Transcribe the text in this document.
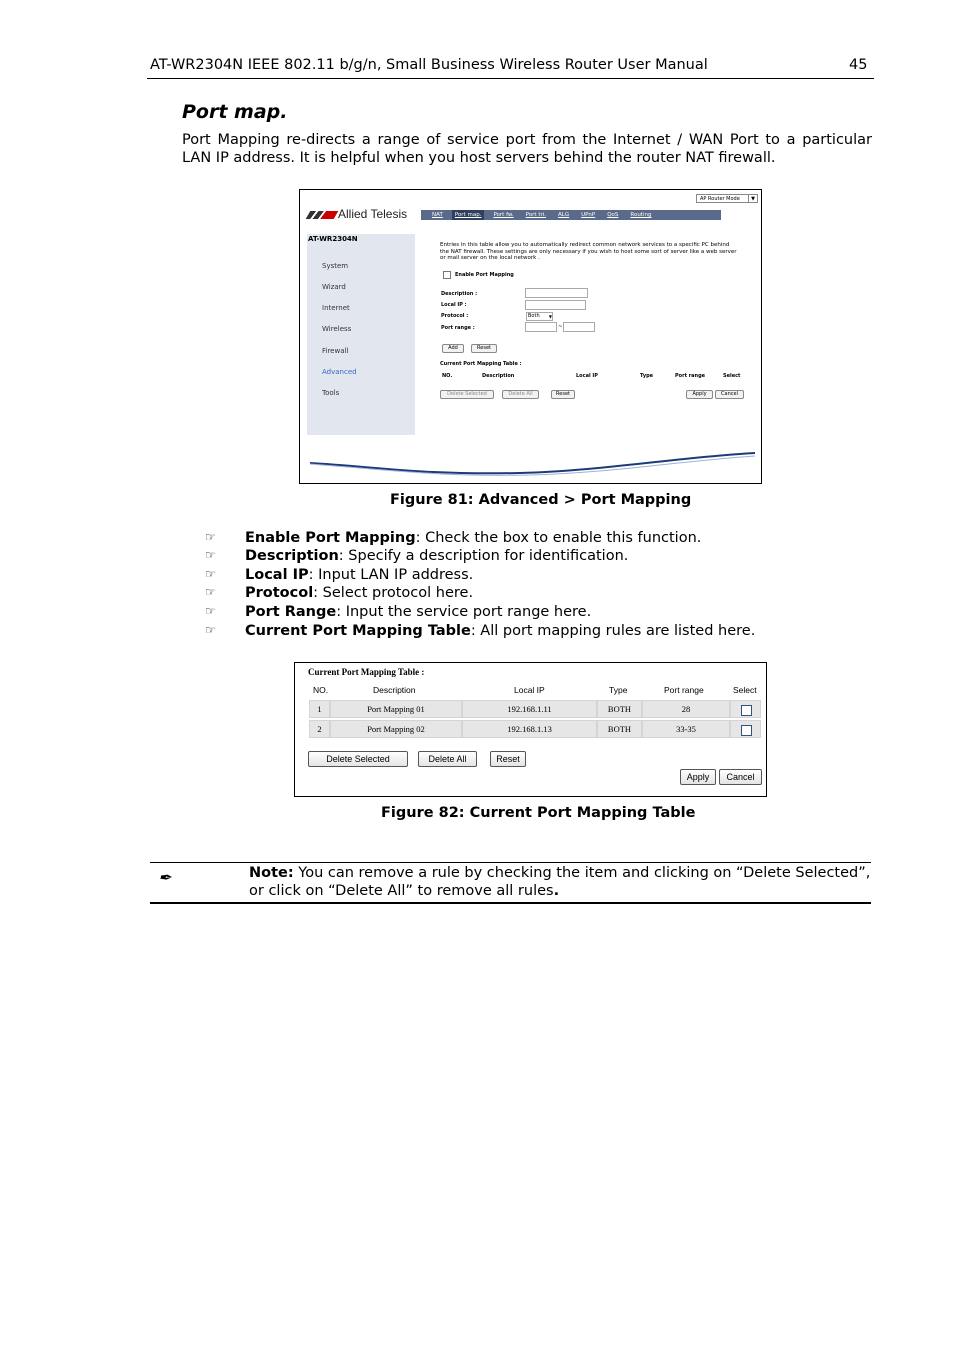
AT-WR2304N IEEE 802.11 b/g/n, Small Business Wireless Router User Manual	45
Port map.
Port Mapping re-directs a range of service port from the Internet / WAN Port to a particular LAN IP address. It is helpful when you host servers behind the router NAT firewall.
AP Router Mode	▼
Allied Telesis	NAT	Port map.	Port fw.	Port tri.	ALG	UPnP	QoS	Routing
AT-WR2304N
System
Wizard
Internet
Wireless
Firewall
Advanced
Tools
Entries in this table allow you to automatically redirect common network services to a specific PC behind the NAT firewall. These settings are only necessary if you wish to host some sort of server like a web server or mail server on the local network .
Enable Port Mapping
Description :
Local IP :
Protocol :	Both ▼
Port range :	~
Add	Reset
Current Port Mapping Table :
NO.	Description	Local IP	Type	Port range	Select
Delete Selected	Delete All	Reset	Apply	Cancel
Figure 81: Advanced > Port Mapping
☞ Enable Port Mapping: Check the box to enable this function.
☞ Description: Specify a description for identification.
☞ Local IP: Input LAN IP address.
☞ Protocol: Select protocol here.
☞ Port Range: Input the service port range here.
☞ Current Port Mapping Table: All port mapping rules are listed here.
Current Port Mapping Table :
NO.	Description	Local IP	Type	Port range	Select
1	Port Mapping 01	192.168.1.11	BOTH	28
2	Port Mapping 02	192.168.1.13	BOTH	33-35
Delete Selected	Delete All	Reset
Apply	Cancel
Figure 82: Current Port Mapping Table
✒	Note: You can remove a rule by checking the item and clicking on “Delete Selected”, or click on “Delete All” to remove all rules.
